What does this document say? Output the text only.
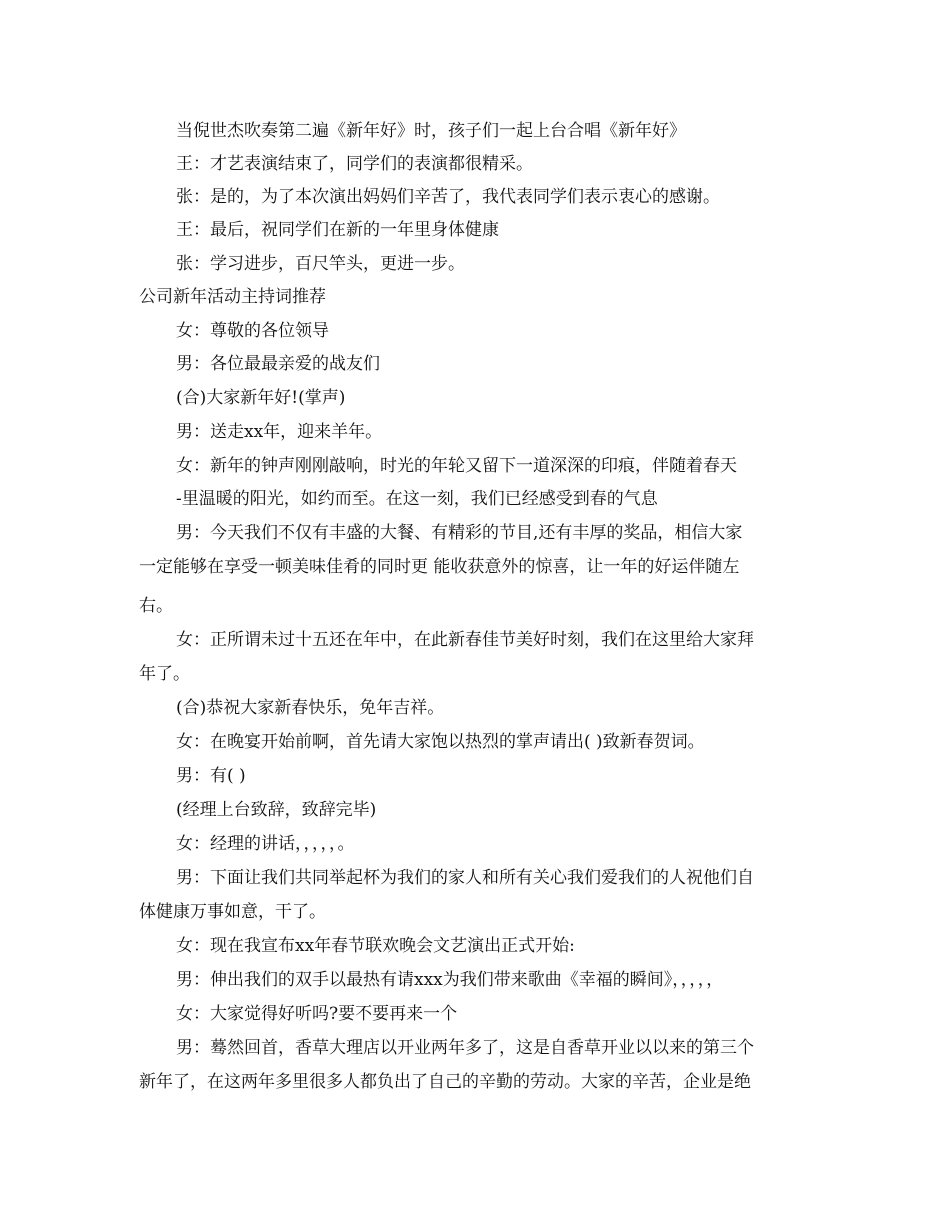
当倪世杰吹奏第二遍《新年好》时，孩子们一起上台合唱《新年好》
王：才艺表演结束了，同学们的表演都很精采。
张：是的，为了本次演出妈妈们辛苦了，我代表同学们表示衷心的感谢。
王：最后，祝同学们在新的一年里身体健康
张：学习进步，百尺竿头，更进一步。
公司新年活动主持词推荐
女：尊敬的各位领导
男：各位最最亲爱的战友们
(合)大家新年好!(掌声)
男：送走xx年，迎来羊年。
女：新年的钟声刚刚敲响，时光的年轮又留下一道深深的印痕，伴随着春天
-里温暖的阳光，如约而至。在这一刻，我们已经感受到春的气息
男：今天我们不仅有丰盛的大餐、有精彩的节目,还有丰厚的奖品，相信大家
一定能够在享受一顿美味佳肴的同时更 能收获意外的惊喜，让一年的好运伴随左
右。
女：正所谓未过十五还在年中，在此新春佳节美好时刻，我们在这里给大家拜
年了。
(合)恭祝大家新春快乐，免年吉祥。
女：在晚宴开始前啊，首先请大家饱以热烈的掌声请出( )致新春贺词。
男：有( )
(经理上台致辞，致辞完毕)
女：经理的讲话，，，，，。
男：下面让我们共同举起杯为我们的家人和所有关心我们爱我们的人祝他们自
体健康万事如意，干了。
女：现在我宣布xx年春节联欢晚会文艺演出正式开始:
男：伸出我们的双手以最热有请xxx为我们带来歌曲《幸福的瞬间》，，，，，
女：大家觉得好听吗?要不要再来一个
男：蓦然回首，香草大理店以开业两年多了，这是自香草开业以以来的第三个
新年了，在这两年多里很多人都负出了自己的辛勤的劳动。大家的辛苦，企业是绝
